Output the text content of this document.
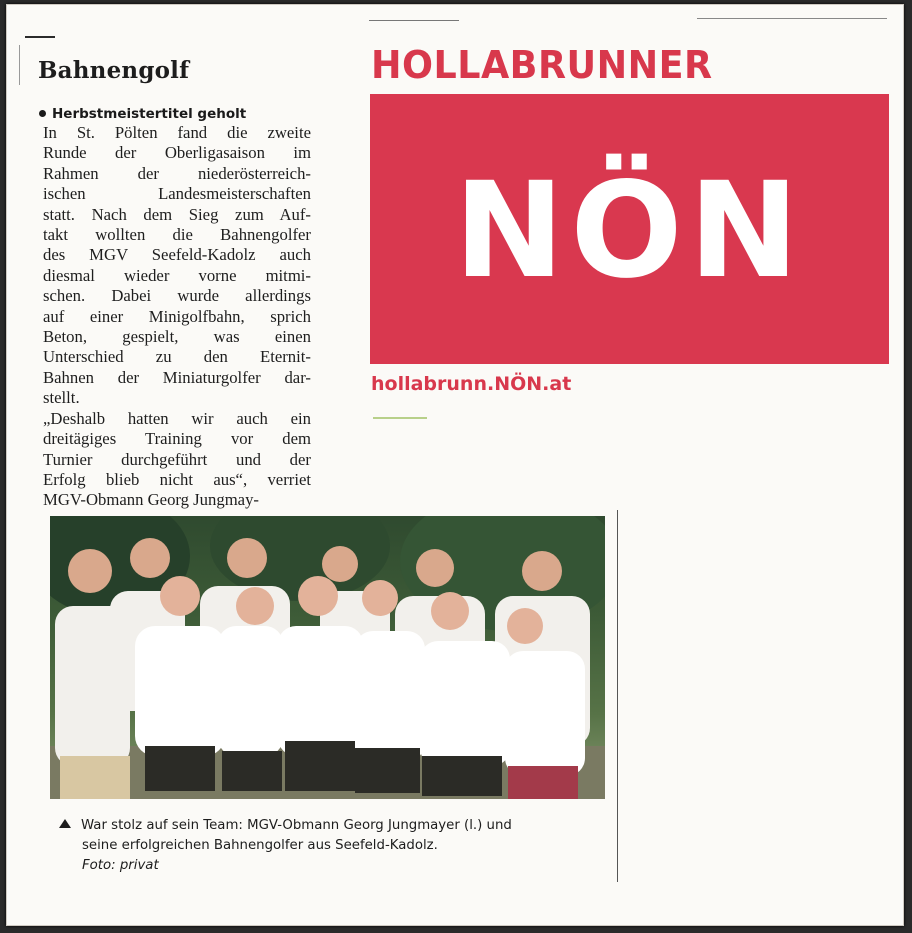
Bahnengolf
Herbstmeistertitel geholt
In St. Pölten fand die zweite
Runde der Oberligasaison im
Rahmen der niederösterreich-
ischen Landesmeisterschaften
statt. Nach dem Sieg zum Auf-
takt wollten die Bahnengolfer
des MGV Seefeld-Kadolz auch
diesmal wieder vorne mitmi-
schen. Dabei wurde allerdings
auf einer Minigolfbahn, sprich
Beton, gespielt, was einen
Unterschied zu den Eternit-
Bahnen der Miniaturgolfer dar-
stellt.
„Deshalb hatten wir auch ein
dreitägiges Training vor dem
Turnier durchgeführt und der
Erfolg blieb nicht aus“, verriet
MGV-Obmann Georg Jungmay-
HOLLABRUNNER
NÖN
hollabrunn.NÖN.at
War stolz auf sein Team: MGV-Obmann Georg Jungmayer (l.) und
seine erfolgreichen Bahnengolfer aus Seefeld-Kadolz.
Foto: privat
